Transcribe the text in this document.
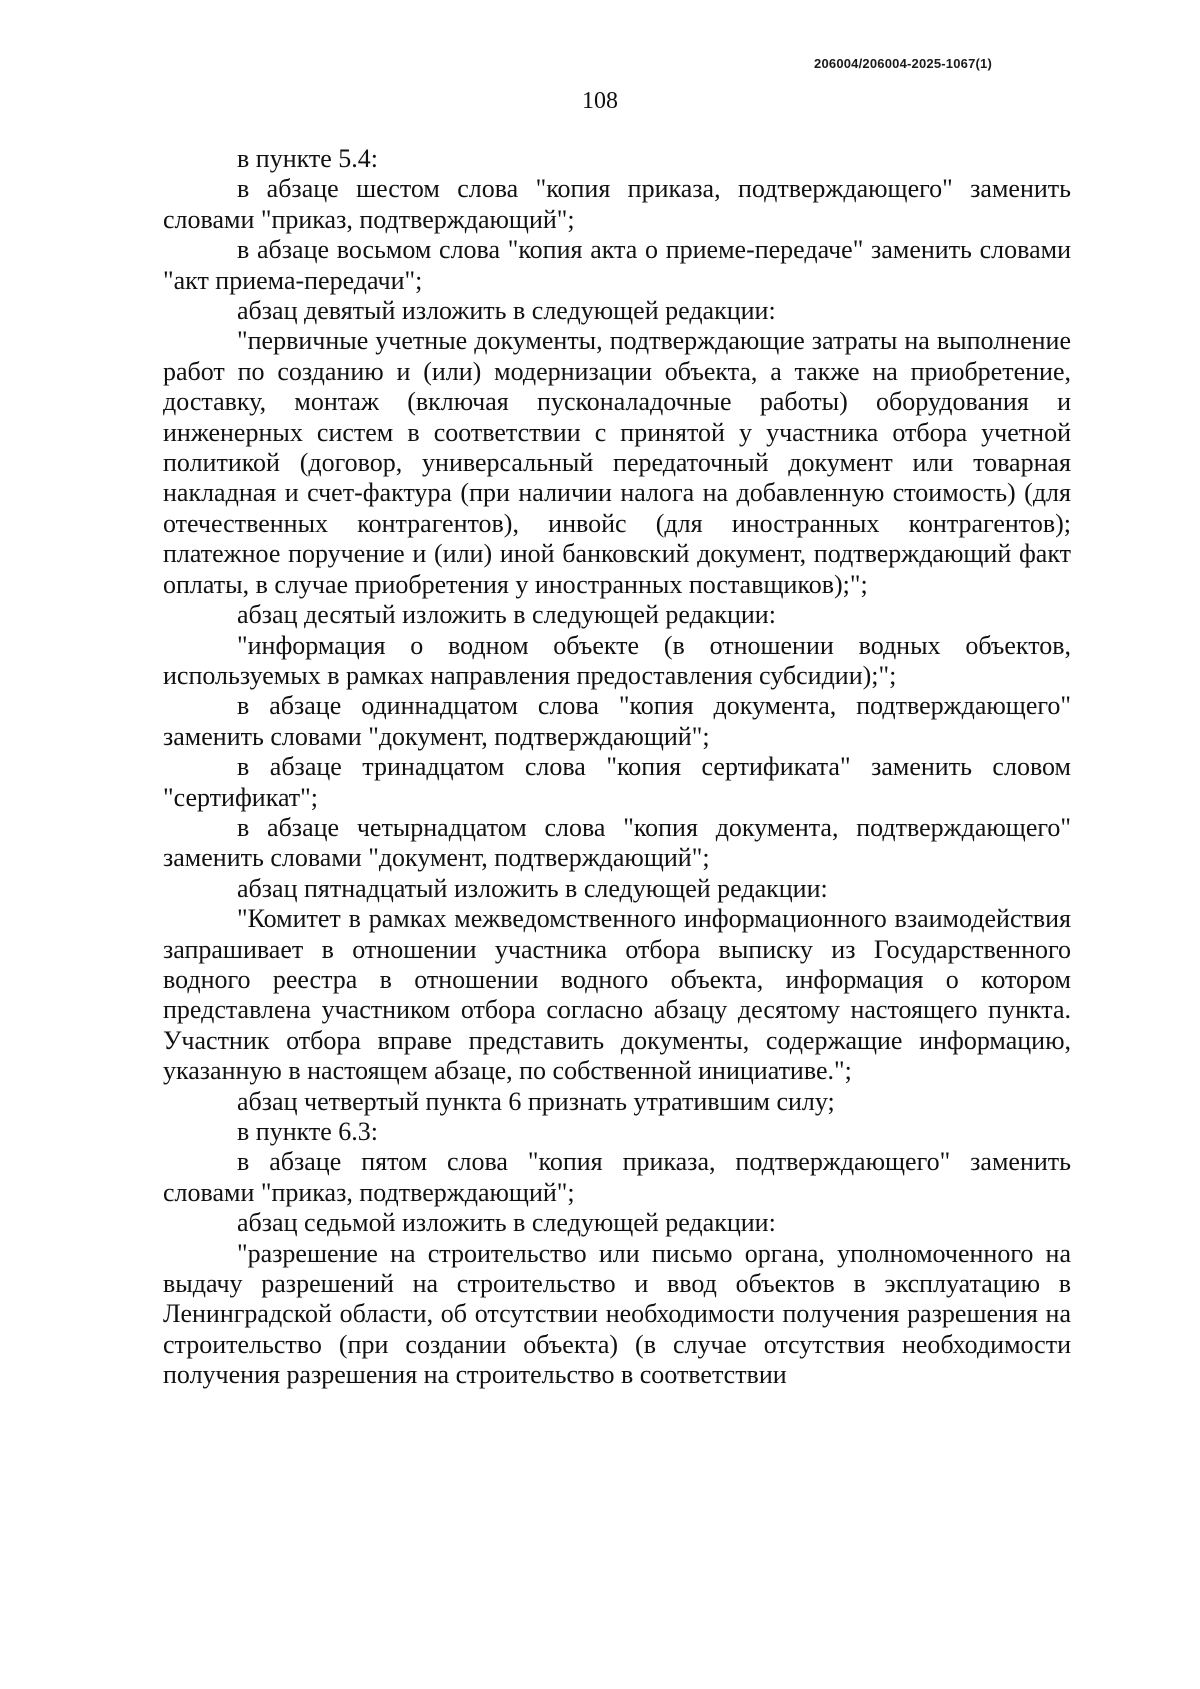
206004/206004-2025-1067(1)
108

в пункте 5.4:

в абзаце шестом слова "копия приказа, подтверждающего" заменить словами "приказ, подтверждающий";

в абзаце восьмом слова "копия акта о приеме-передаче" заменить словами "акт приема-передачи";

абзац девятый изложить в следующей редакции:

"первичные учетные документы, подтверждающие затраты на выполнение работ по созданию и (или) модернизации объекта, а также на приобретение, доставку, монтаж (включая пусконаладочные работы) оборудования и инженерных систем в соответствии с принятой у участника отбора учетной политикой (договор, универсальный передаточный документ или товарная накладная и счет-фактура (при наличии налога на добавленную стоимость) (для отечественных контрагентов), инвойс (для иностранных контрагентов); платежное поручение и (или) иной банковский документ, подтверждающий факт оплаты, в случае приобретения у иностранных поставщиков);";

абзац десятый изложить в следующей редакции:

"информация о водном объекте (в отношении водных объектов, используемых в рамках направления предоставления субсидии);";

в абзаце одиннадцатом слова "копия документа, подтверждающего" заменить словами "документ, подтверждающий";

в абзаце тринадцатом слова "копия сертификата" заменить словом "сертификат";

в абзаце четырнадцатом слова "копия документа, подтверждающего" заменить словами "документ, подтверждающий";

абзац пятнадцатый изложить в следующей редакции:

"Комитет в рамках межведомственного информационного взаимодействия запрашивает в отношении участника отбора выписку из Государственного водного реестра в отношении водного объекта, информация о котором представлена участником отбора согласно абзацу десятому настоящего пункта. Участник отбора вправе представить документы, содержащие информацию, указанную в настоящем абзаце, по собственной инициативе.";

абзац четвертый пункта 6 признать утратившим силу;

в пункте 6.3:

в абзаце пятом слова "копия приказа, подтверждающего" заменить словами "приказ, подтверждающий";

абзац седьмой изложить в следующей редакции:

"разрешение на строительство или письмо органа, уполномоченного на выдачу разрешений на строительство и ввод объектов в эксплуатацию в Ленинградской области, об отсутствии необходимости получения разрешения на строительство (при создании объекта) (в случае отсутствия необходимости получения разрешения на строительство в соответствии
